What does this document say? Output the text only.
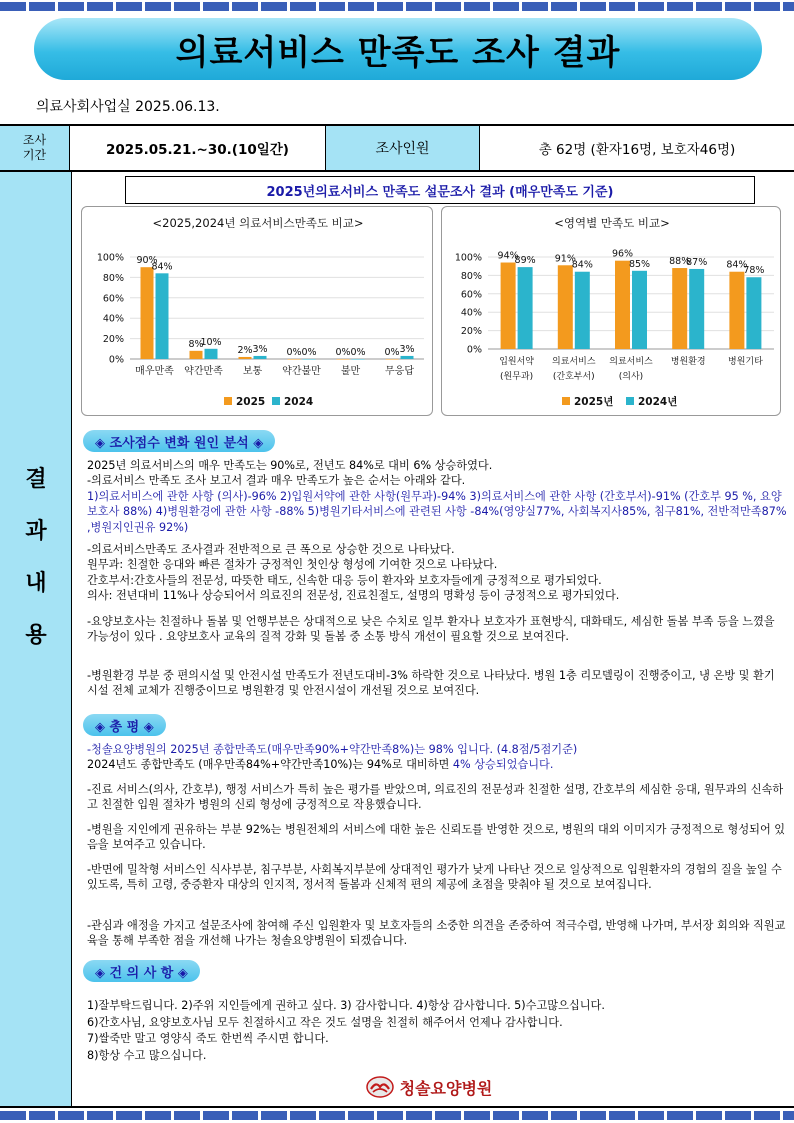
의료서비스 만족도 조사 결과
의료사회사업실 2025.06.13.
조사
기간	2025.05.21.~30.(10일간)	조사인원	총 62명 (환자16명, 보호자46명)
결
과
내
용
2025년의료서비스 만족도 설문조사 결과 (매우만족도 기준)
<2025,2024년 의료서비스만족도 비교>
0%
20%
40%
60%
80%
100% 90%
8%
2%	0%	0%	0%
84%
10%
3%	0%	0%	3%
매우만족 약간만족 보통 약간불만 불만 무응답
2025 2024
<영역별 만족도 비교>
0%
20%
40%
60%
80%
100% 94%	91%	96%
88%	84%
89%	84%	85%	87%
78%
입원서약
(원무과)
의료서비스
(간호부서)
의료서비스
(의사)
병원환경 병원기타
2025년 2024년
◈ 조사점수 변화 원인 분석 ◈
2025년 의료서비스의 매우 만족도는 90%로, 전년도 84%로 대비 6% 상승하였다.
-의료서비스 만족도 조사 보고서 결과 매우 만족도가 높은 순서는 아래와 같다.
1)의료서비스에 관한 사항 (의사)-96% 2)입원서약에 관한 사항(원무과)-94% 3)의료서비스에 관한 사항 (간호부서)-91% (간호부 95 %, 요양보호사 88%) 4)병원환경에 관한 사항 -88% 5)병원기타서비스에 관련된 사항 -84%(영양실77%, 사회복지사85%, 침구81%, 전반적만족87% ,병원지인권유 92%)
-의료서비스만족도 조사결과 전반적으로 큰 폭으로 상승한 것으로 나타났다.
원무과: 친절한 응대와 빠른 절차가 긍정적인 첫인상 형성에 기여한 것으로 나타났다.
간호부서:간호사들의 전문성, 따뜻한 태도, 신속한 대응 등이 환자와 보호자들에게 긍정적으로 평가되었다.
의사: 전년대비 11%나 상승되어서 의료진의 전문성, 진료친절도, 설명의 명확성 등이 긍정적으로 평가되었다.
-요양보호사는 친절하나 돌봄 및 언행부분은 상대적으로 낮은 수치로 일부 환자나 보호자가 표현방식, 대화태도, 세심한 돌봄 부족 등을 느꼈을 가능성이 있다 . 요양보호사 교육의 질적 강화 및 돌봄 중 소통 방식 개선이 필요할 것으로 보여진다.
-병원환경 부분 중 편의시설 및 안전시설 만족도가 전년도대비-3% 하락한 것으로 나타났다. 병원 1층 리모델링이 진행중이고, 냉 온방 및 환기 시설 전체 교체가 진행중이므로 병원환경 및 안전시설이 개선될 것으로 보여진다.
◈ 총 평 ◈
-청솔요양병원의 2025년 종합만족도(매우만족90%+약간만족8%)는 98% 입니다. (4.8점/5점기준)
2024년도 종합만족도 (매우만족84%+약간만족10%)는 94%로 대비하면 4% 상승되었습니다.
-진료 서비스(의사, 간호부), 행정 서비스가 특히 높은 평가를 받았으며, 의료진의 전문성과 친절한 설명, 간호부의 세심한 응대, 원무과의 신속하고 친절한 입원 절차가 병원의 신뢰 형성에 긍정적으로 작용했습니다.
-병원을 지인에게 권유하는 부분 92%는 병원전체의 서비스에 대한 높은 신뢰도를 반영한 것으로, 병원의 대외 이미지가 긍정적으로 형성되어 있음을 보여주고 있습니다.
-반면에 밀착형 서비스인 식사부분, 침구부분, 사회복지부분에 상대적인 평가가 낮게 나타난 것으로 일상적으로 입원환자의 경험의 질을 높일 수 있도록, 특히 고령, 중증환자 대상의 인지적, 정서적 돌봄과 신체적 편의 제공에 초점을 맞춰야 될 것으로 보여집니다.
-관심과 애정을 가지고 설문조사에 참여해 주신 입원환자 및 보호자들의 소중한 의견을 존중하여 적극수렴, 반영해 나가며, 부서장 회의와 직원교육을 통해 부족한 점을 개선해 나가는 청솔요양병원이 되겠습니다.
◈ 건 의 사 항 ◈
1)잘부탁드립니다. 2)주위 지인들에게 권하고 싶다. 3) 감사합니다. 4)항상 감사합니다. 5)수고많으십니다.
6)간호사님, 요양보호사님 모두 친절하시고 작은 것도 설명을 친절히 해주어서 언제나 감사합니다.
7)쌀죽만 말고 영양식 죽도 한번씩 주시면 합니다.
8)항상 수고 많으십니다.
청솔요양병원
